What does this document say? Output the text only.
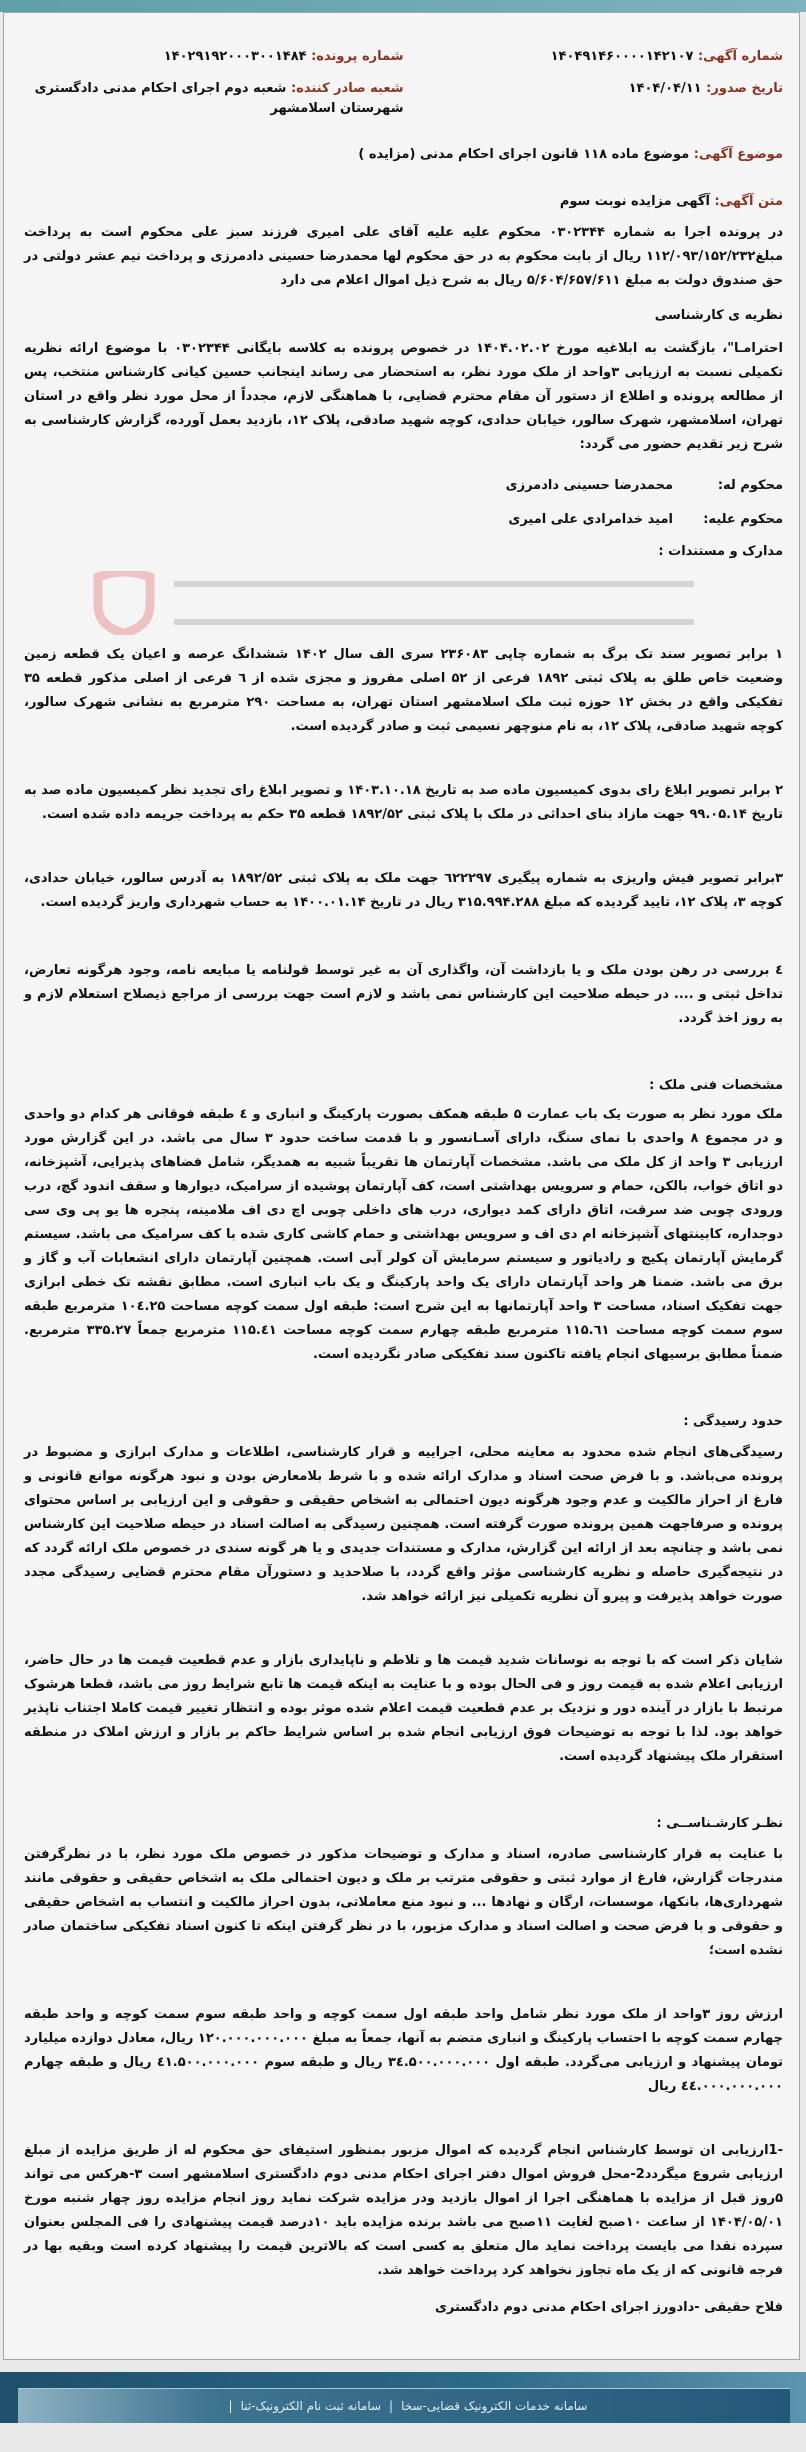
شماره آگهی: ۱۴۰۴۹۱۴۶۰۰۰۰۱۴۲۱۰۷
شماره پرونده: ۱۴۰۲۹۱۹۲۰۰۰۳۰۰۱۴۸۴
تاریخ صدور: ۱۴۰۴/۰۴/۱۱
شعبه صادر کننده: شعبه دوم اجرای احکام مدنی دادگستری شهرستان اسلامشهر
موضوع آگهی: موضوع ماده ۱۱۸ قانون اجرای احکام مدنی (مزایده )
متن آگهی: آگهی مزایده نوبت سوم

در پرونده اجرا به شماره ۰۳۰۲۳۴۴ محکوم علیه علیه آقای علی امیری فرزند سبز علی محکوم است به پرداخت مبلغ۱۱۲/۰۹۳/۱۵۲/۲۳۲ ریال از بابت محکوم به در حق محکوم لها محمدرضا حسینی دادمرزی و پرداخت نیم عشر دولتی در حق صندوق دولت به مبلغ ۵/۶۰۴/۶۵۷/۶۱۱ ریال به شرح ذیل اموال اعلام می دارد

نظریه ی کارشناسی

احترامـا"، بازگشت به ابلاغیه مورخ ۱۴۰۴.۰۲.۰۲ در خصوص پرونده به کلاسه بایگانی ۰۳۰۲۳۴۴ با موضوع ارائه نظریه تکمیلی نسبت به ارزیابی ۳واحد از ملک مورد نظر، به استحضار می رساند اینجانب حسین کیانی کارشناس منتخب، پس از مطالعه پرونده و اطلاع از دستور آن مقام محترم قضایی، با هماهنگی لازم، مجدداً از محل مورد نظر واقع در استان تهران، اسلامشهر، شهرک سالور، خیابان حدادی، کوچه شهید صادقی، پلاک ۱۲، بازدید بعمل آورده، گزارش کارشناسی به شرح زیر تقدیم حضور می گردد:

محکوم له:
محمدرضا حسینی دادمرزی
محکوم علیه:
امید خدامرادی علی امیری
مدارک و مستندات :

۱ برابر تصویر سند تک برگ به شماره چاپی ۲۳۶۰۸۳ سری الف سال ۱۴۰۲ ششدانگ عرصه و اعیان یک قطعه زمین وضعیت خاص طلق به پلاک ثبتی ۱۸۹۲ فرعی از ۵۲ اصلی مفروز و مجزی شده از ٦ فرعی از اصلی مذکور قطعه ۳۵ تفکیکی واقع در بخش ۱۲ حوزه ثبت ملک اسلامشهر استان تهران، به مساحت ۲۹۰ مترمربع به نشانی شهرک سالور، کوچه شهید صادقی، پلاک ۱۲، به نام منوچهر نسیمی ثبت و صادر گردیده است.

۲ برابر تصویر ابلاغ رای بدوی کمیسیون ماده صد به تاریخ ۱۴۰۳.۱۰.۱۸ و تصویر ابلاغ رای تجدید نظر کمیسیون ماده صد به تاریخ ۹۹.۰۵.۱۴ جهت مازاد بنای احداثی در ملک با پلاک ثبتی ۱۸۹۲/۵۲ قطعه ۳۵ حکم به پرداخت جریمه داده شده است.

۳برابر تصویر فیش واریزی به شماره پیگیری ٦۲۲۲۹۷ جهت ملک به پلاک ثبتی ۱۸۹۲/۵۲ به آدرس سالور، خیابان حدادی، کوچه ۳، پلاک ۱۲، تایید گردیده که مبلغ ۳۱۵.۹۹۴.۲۸۸ ریال در تاریخ ۱۴۰۰.۰۱.۱۴ به حساب شهرداری واریز گردیده است.

٤ بررسی در رهن بودن ملک و یا بازداشت آن، واگذاری آن به غیر توسط قولنامه یا مبایعه نامه، وجود هرگونه تعارض، تداخل ثبتی و .... در حیطه صلاحیت این کارشناس نمی باشد و لازم است جهت بررسی از مراجع ذیصلاح استعلام لازم و به روز اخذ گردد.

مشخصات فنی ملک :

ملک مورد نظر به صورت یک باب عمارت ۵ طبقه همکف بصورت پارکینگ و انباری و ٤ طبقه فوقانی هر کدام دو واحدی و در مجموع ۸ واحدی با نمای سنگ، دارای آسـانسور و با قدمت ساخت حدود ۳ سال می باشد. در این گزارش مورد ارزیابی ۳ واحد از کل ملک می باشد. مشخصات آپارتمان ها تقریباً شبیه به همدیگر، شامل فضاهای پذیرایی، آشپزخانه، دو اتاق خواب، بالکن، حمام و سرویس بهداشتی است، کف آپارتمان پوشیده از سرامیک، دیوارها و سقف اندود گچ، درب ورودی چوبی ضد سرقت، اتاق دارای کمد دیواری، درب های داخلی چوبی اچ دی اف ملامینه، پنجره ها یو پی وی سی دوجداره، کابینتهای آشپزخانه ام دی اف و سرویس بهداشتی و حمام کاشی کاری شده با کف سرامیک می باشد. سیستم گرمایش آپارتمان پکیج و رادیاتور و سیستم سرمایش آن کولر آبی است. همچنین آپارتمان دارای انشعابات آب و گاز و برق می باشد. ضمنا هر واحد آپارتمان دارای یک واحد پارکینگ و یک باب انباری است. مطابق نقشه تک خطی ابرازی جهت تفکیک اسناد، مساحت ۳ واحد آپارتمانها به این شرح است: طبقه اول سمت کوچه مساحت ۱۰٤.۲۵ مترمربع طبقه سوم سمت کوچه مساحت ۱۱۵.٦۱ مترمربع طبقه چهارم سمت کوچه مساحت ۱۱۵.٤۱ مترمربع جمعاً ۳۳۵.۲۷ مترمربع. ضمناً مطابق برسیهای انجام یافته تاکنون سند تفکیکی صادر نگردیده است.

حدود رسیدگی :

رسیدگی‌های انجام شده محدود به معاینه محلی، اجراییه و قرار کارشناسی، اطلاعات و مدارک ابرازی و مضبوط در پرونده می‌باشد. و با فرض صحت اسناد و مدارک ارائه شده و با شرط بلامعارض بودن و نبود هرگونه موانع قانونی و فارغ از احراز مالکیت و عدم وجود هرگونه دیون احتمالی به اشخاص حقیقی و حقوقی و این ارزیابی بر اساس محتوای پرونده و صرفاجهت همین پرونده صورت گرفته است. همچنین رسیدگی به اصالت اسناد در حیطه صلاحیت این کارشناس نمی باشد و چنانچه بعد از ارائه این گزارش، مدارک و مستندات جدیدی و یا هر گونه سندی در خصوص ملک ارائه گردد که در نتیجه‌گیری حاصله و نظریه کارشناسی مؤثر واقع گردد، با صلاحدید و دستورآن مقام محترم قضایی رسیدگی مجدد صورت خواهد پذیرفت و پیرو آن نظریه تکمیلی نیز ارائه خواهد شد.

شایان ذکر است که با توجه به نوسانات شدید قیمت ها و تلاطم و ناپایداری بازار و عدم قطعیت قیمت ها در حال حاضر، ارزیابی اعلام شده به قیمت روز و فی الحال بوده و با عنایت به اینکه قیمت ها تابع شرایط روز می باشد، قطعا هرشوک مرتبط با بازار در آینده دور و نزدیک بر عدم قطعیت قیمت اعلام شده موثر بوده و انتظار تغییر قیمت کاملا اجتناب ناپذیر خواهد بود. لذا با توجه به توضیحات فوق ارزیابی انجام شده بر اساس شرایط حاکم بر بازار و ارزش املاک در منطقه استقرار ملک پیشنهاد گردیده است.

نظـر کارشـناســی :

با عنایت به قرار کارشناسی صادره، اسناد و مدارک و توضیحات مذکور در خصوص ملک مورد نظر، با در نظرگرفتن مندرجات گزارش، فارغ از موارد ثبتی و حقوقی مترتب بر ملک و دیون احتمالی ملک به اشخاص حقیقی و حقوقی مانند شهرداری‌ها، بانکها، موسسات، ارگان و نهادها ... و نبود منع معاملاتی، بدون احراز مالکیت و انتساب به اشخاص حقیقی و حقوقی و با فرض صحت و اصالت اسناد و مدارک مزبور، با در نظر گرفتن اینکه تا کنون اسناد تفکیکی ساختمان صادر نشده است؛

ارزش روز ۳واحد از ملک مورد نظر شامل واحد طبقه اول سمت کوچه و واحد طبقه سوم سمت کوچه و واحد طبقه چهارم سمت کوچه با احتساب پارکینگ و انباری منضم به آنها، جمعاً به مبلغ ۱۲۰.۰۰۰.۰۰۰.۰۰۰ ریال، معادل دوازده میلیارد تومان پیشنهاد و ارزیابی می‌گردد. طبقه اول ۳٤.۵۰۰.۰۰۰.۰۰۰ ریال و طبقه سوم ٤۱.۵۰۰.۰۰۰.۰۰۰ ریال و طبقه چهارم ٤٤.۰۰۰.۰۰۰.۰۰۰ ریال

-1ارزیابی ان توسط کارشناس انجام گردیده که اموال مزبور بمنظور استیفای حق محکوم له از طریق مزایده از مبلغ ارزیابی شروع میگردد2-محل فروش اموال دفتر اجرای احکام مدنی دوم دادگستری اسلامشهر است ۳-هرکس می تواند ۵روز قبل از مزایده با هماهنگی اجرا از اموال بازدید ودر مزایده شرکت نماید روز انجام مزایده روز چهار شنبه مورخ ۱۴۰۴/۰۵/۰۱ از ساعت ۱۰صبح لغایت ۱۱صبح می باشد برنده مزایده باید ۱۰درصد قیمت پیشنهادی را فی المجلس بعنوان سپرده نقدا می بایست پرداخت نماید مال متعلق به کسی است که بالاترین قیمت را پیشنهاد کرده است وبقیه بها در فرجه قانونی که از یک ماه تجاوز نخواهد کرد پرداخت خواهد شد.

فلاح حقیقی -دادورز اجرای احکام مدنی دوم دادگستری
سامانه خدمات الکترونیک قضایی-سخا
|
سامانه ثبت نام الکترونیک-ثنا
|
